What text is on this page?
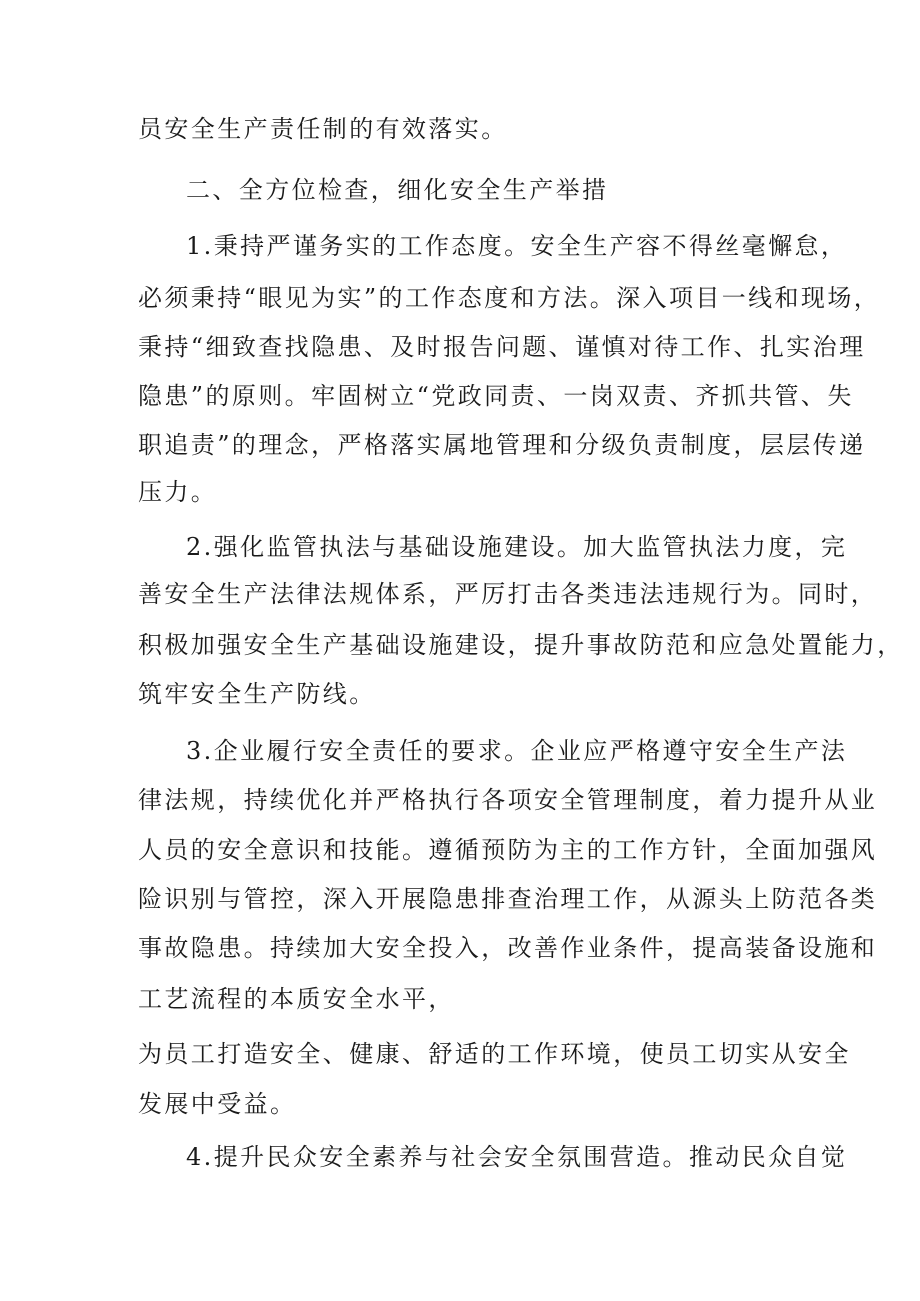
员安全生产责任制的有效落实。
二、全方位检查，细化安全生产举措
1.秉持严谨务实的工作态度。安全生产容不得丝毫懈怠，
必须秉持“眼见为实”的工作态度和方法。深入项目一线和现场，
秉持“细致查找隐患、及时报告问题、谨慎对待工作、扎实治理
隐患”的原则。牢固树立“党政同责、一岗双责、齐抓共管、失
职追责”的理念，严格落实属地管理和分级负责制度，层层传递
压力。
2.强化监管执法与基础设施建设。加大监管执法力度，完
善安全生产法律法规体系，严厉打击各类违法违规行为。同时，
积极加强安全生产基础设施建设，提升事故防范和应急处置能力，
筑牢安全生产防线。
3.企业履行安全责任的要求。企业应严格遵守安全生产法
律法规，持续优化并严格执行各项安全管理制度，着力提升从业
人员的安全意识和技能。遵循预防为主的工作方针，全面加强风
险识别与管控，深入开展隐患排查治理工作，从源头上防范各类
事故隐患。持续加大安全投入，改善作业条件，提高装备设施和
工艺流程的本质安全水平，
为员工打造安全、健康、舒适的工作环境，使员工切实从安全
发展中受益。
4.提升民众安全素养与社会安全氛围营造。推动民众自觉
